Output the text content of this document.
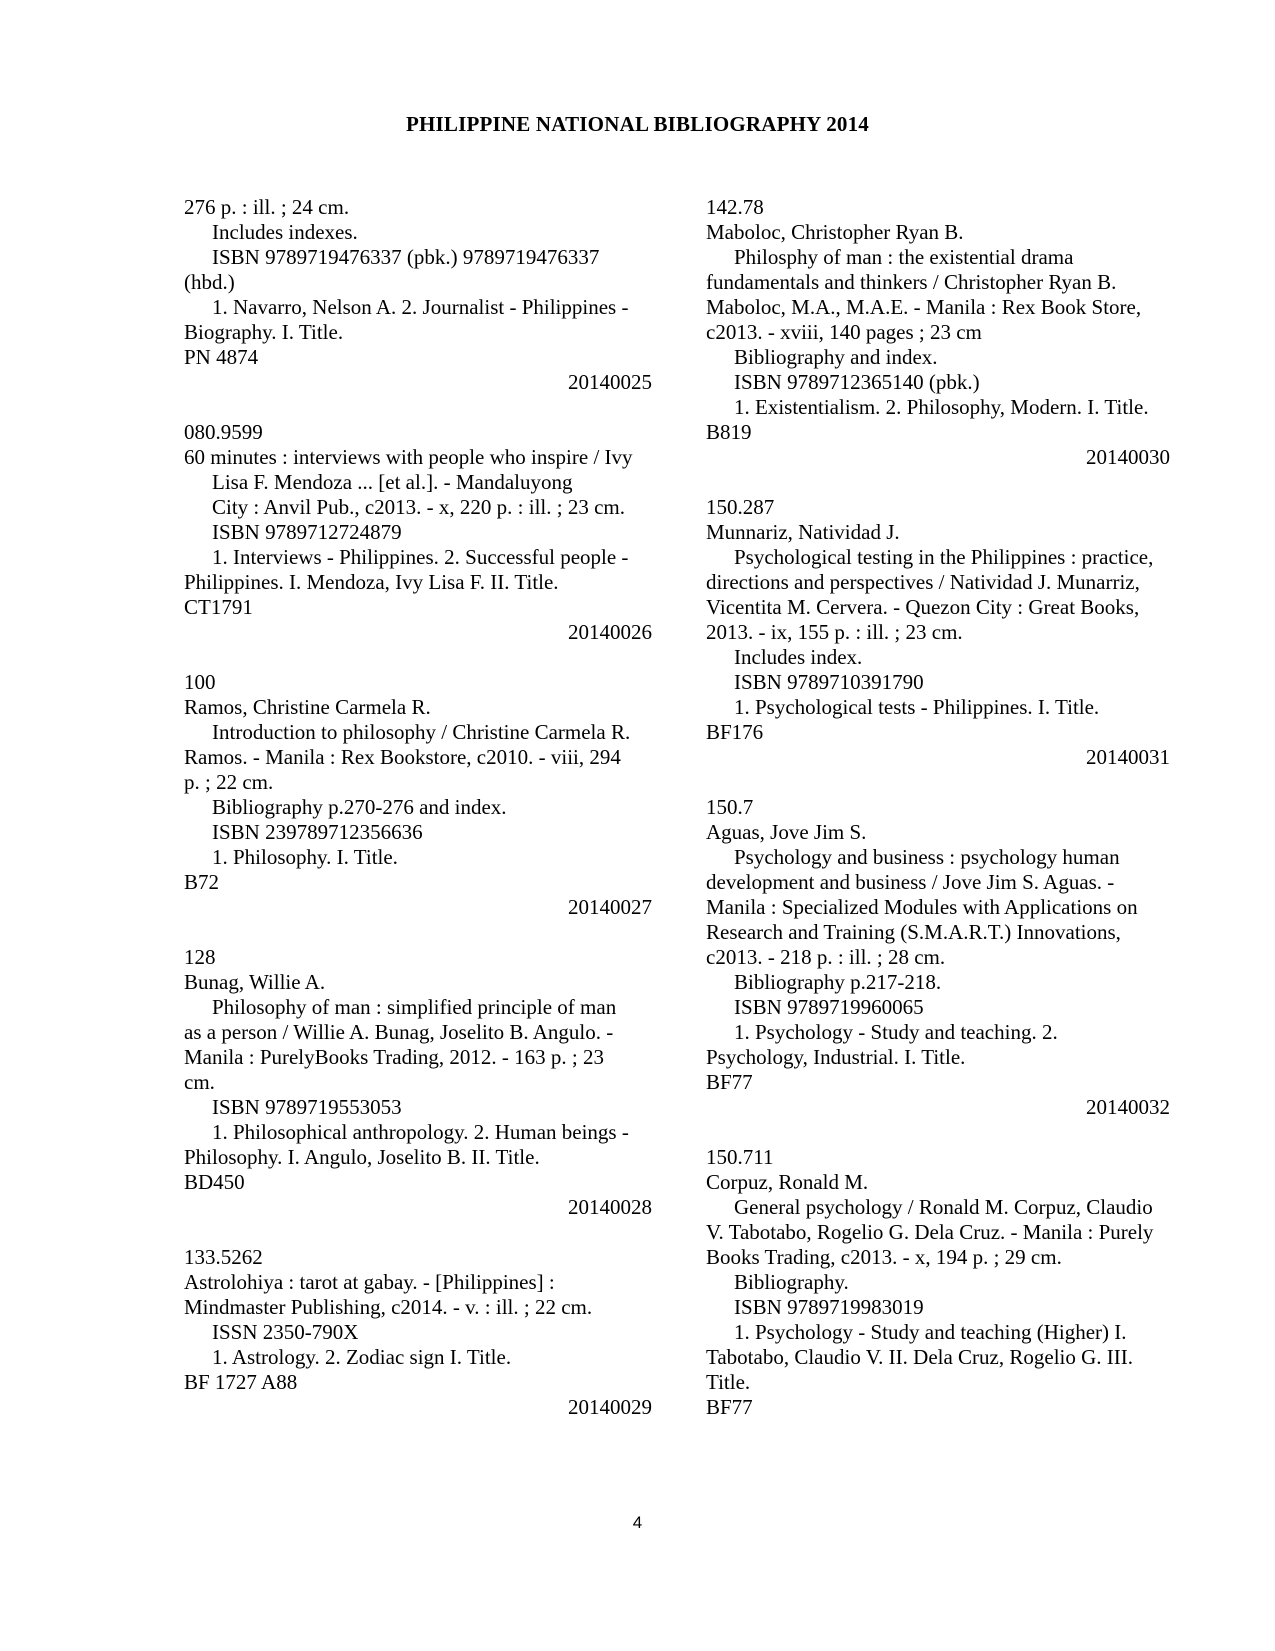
PHILIPPINE NATIONAL BIBLIOGRAPHY 2014
276 p. : ill. ; 24 cm.
Includes indexes.
ISBN 9789719476337 (pbk.) 9789719476337
(hbd.)
1. Navarro, Nelson A. 2. Journalist - Philippines -
Biography. I. Title.
PN 4874
20140025
080.9599
60 minutes : interviews with people who inspire / Ivy
Lisa F. Mendoza ... [et al.]. - Mandaluyong
City : Anvil Pub., c2013. - x, 220 p. : ill. ; 23 cm.
ISBN 9789712724879
1. Interviews - Philippines. 2. Successful people -
Philippines. I. Mendoza, Ivy Lisa F. II. Title.
CT1791
20140026
100
Ramos, Christine Carmela R.
Introduction to philosophy / Christine Carmela R.
Ramos. - Manila : Rex Bookstore, c2010. - viii, 294
p. ; 22 cm.
Bibliography p.270-276 and index.
ISBN 239789712356636
1. Philosophy. I. Title.
B72
20140027
128
Bunag, Willie A.
Philosophy of man : simplified principle of man
as a person / Willie A. Bunag, Joselito B. Angulo. -
Manila : PurelyBooks Trading, 2012. - 163 p. ; 23
cm.
ISBN 9789719553053
1. Philosophical anthropology. 2. Human beings -
Philosophy. I. Angulo, Joselito B. II. Title.
BD450
20140028
133.5262
Astrolohiya : tarot at gabay. - [Philippines] :
Mindmaster Publishing, c2014. - v. : ill. ; 22 cm.
ISSN 2350-790X
1. Astrology. 2. Zodiac sign I. Title.
BF 1727 A88
20140029
142.78
Maboloc, Christopher Ryan B.
Philosphy of man : the existential drama
fundamentals and thinkers / Christopher Ryan B.
Maboloc, M.A., M.A.E. - Manila : Rex Book Store,
c2013. - xviii, 140 pages ; 23 cm
Bibliography and index.
ISBN 9789712365140 (pbk.)
1. Existentialism. 2. Philosophy, Modern. I. Title.
B819
20140030
150.287
Munnariz, Natividad J.
Psychological testing in the Philippines : practice,
directions and perspectives / Natividad J. Munarriz,
Vicentita M. Cervera. - Quezon City : Great Books,
2013. - ix, 155 p. : ill. ; 23 cm.
Includes index.
ISBN 9789710391790
1. Psychological tests - Philippines. I. Title.
BF176
20140031
150.7
Aguas, Jove Jim S.
Psychology and business : psychology human
development and business / Jove Jim S. Aguas. -
Manila : Specialized Modules with Applications on
Research and Training (S.M.A.R.T.) Innovations,
c2013. - 218 p. : ill. ; 28 cm.
Bibliography p.217-218.
ISBN 9789719960065
1. Psychology - Study and teaching. 2.
Psychology, Industrial. I. Title.
BF77
20140032
150.711
Corpuz, Ronald M.
General psychology / Ronald M. Corpuz, Claudio
V. Tabotabo, Rogelio G. Dela Cruz. - Manila : Purely
Books Trading, c2013. - x, 194 p. ; 29 cm.
Bibliography.
ISBN 9789719983019
1. Psychology - Study and teaching (Higher) I.
Tabotabo, Claudio V. II. Dela Cruz, Rogelio G. III.
Title.
BF77
4
